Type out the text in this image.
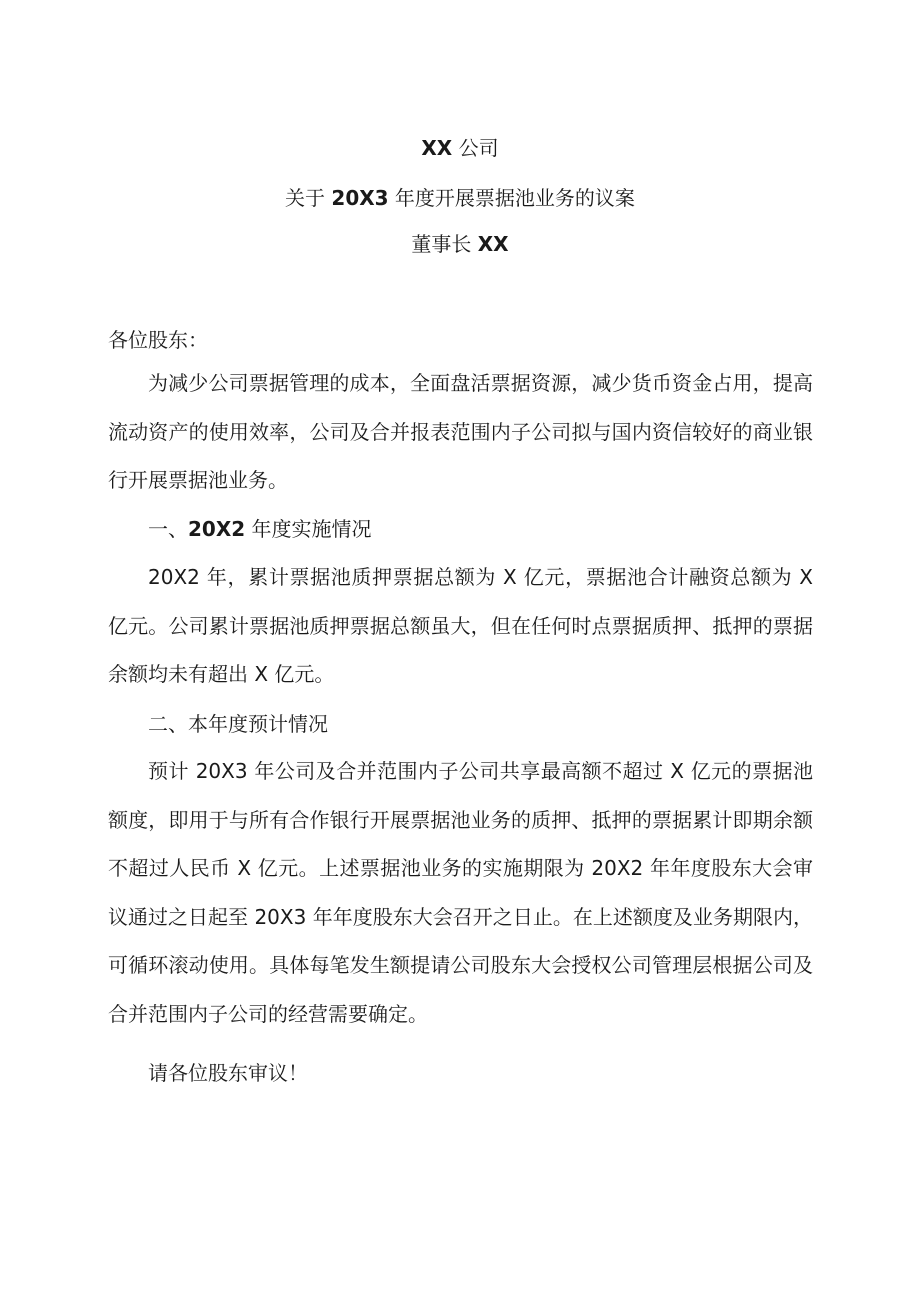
XX 公司
关于 20X3 年度开展票据池业务的议案
董事长 XX
各位股东：

为减少公司票据管理的成本，全面盘活票据资源，减少货币资金占用，提高流动资产的使用效率，公司及合并报表范围内子公司拟与国内资信较好的商业银行开展票据池业务。

一、20X2 年度实施情况

20X2 年，累计票据池质押票据总额为 X 亿元，票据池合计融资总额为 X 亿元。公司累计票据池质押票据总额虽大，但在任何时点票据质押、抵押的票据余额均未有超出 X 亿元。

二、本年度预计情况

预计 20X3 年公司及合并范围内子公司共享最高额不超过 X 亿元的票据池额度，即用于与所有合作银行开展票据池业务的质押、抵押的票据累计即期余额不超过人民币 X 亿元。上述票据池业务的实施期限为 20X2 年年度股东大会审议通过之日起至 20X3 年年度股东大会召开之日止。在上述额度及业务期限内，可循环滚动使用。具体每笔发生额提请公司股东大会授权公司管理层根据公司及合并范围内子公司的经营需要确定。

请各位股东审议！
